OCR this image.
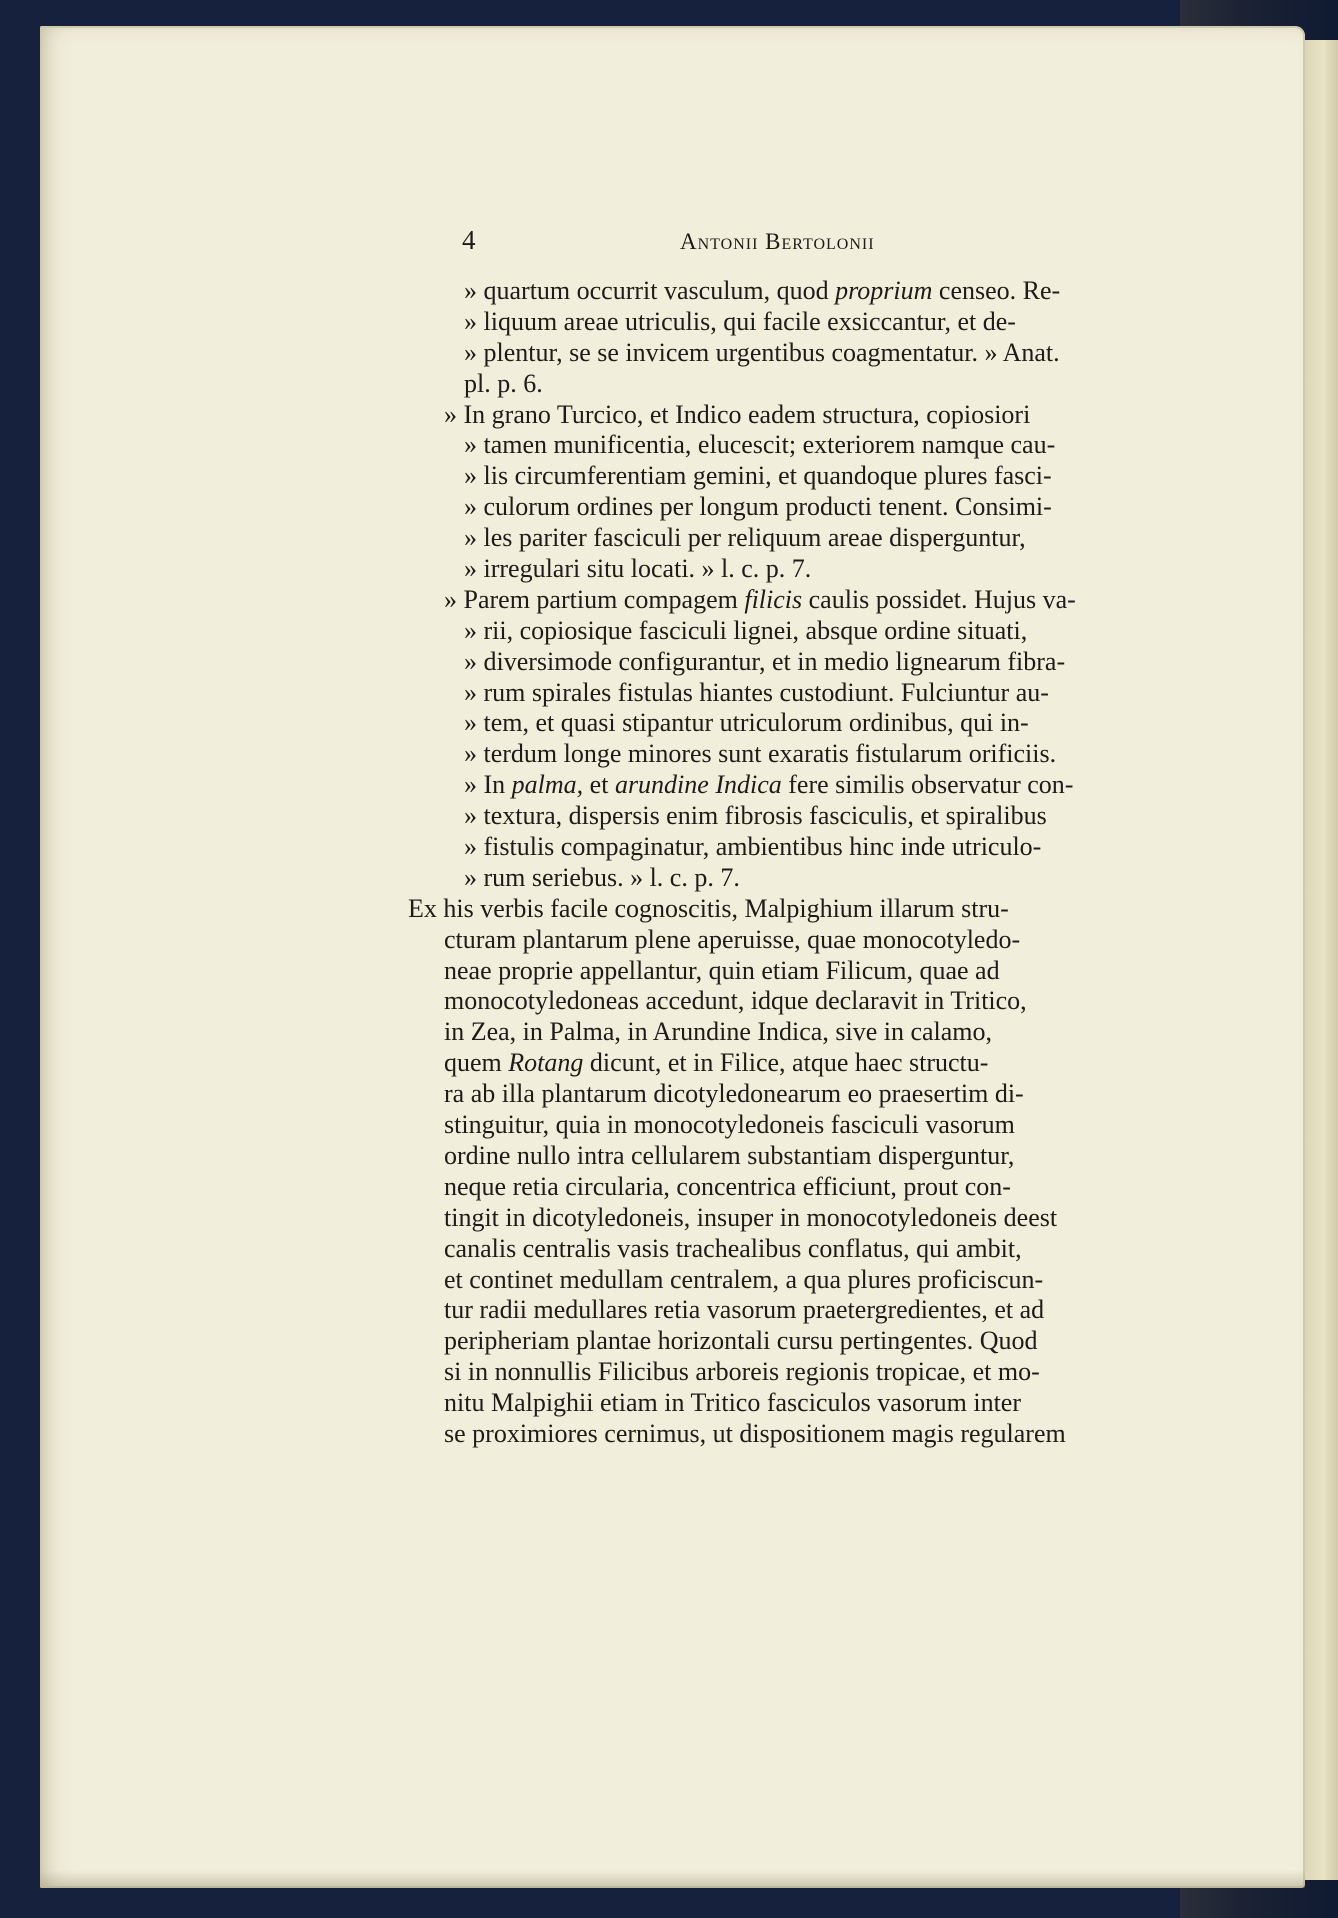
4	Antonii Bertolonii
» quartum occurrit vasculum, quod proprium censeo. Re-
» liquum areae utriculis, qui facile exsiccantur, et de-
» plentur, se se invicem urgentibus coagmentatur. » Anat.
pl. p. 6.
» In grano Turcico, et Indico eadem structura, copiosiori
» tamen munificentia, elucescit; exteriorem namque cau-
» lis circumferentiam gemini, et quandoque plures fasci-
» culorum ordines per longum producti tenent. Consimi-
» les pariter fasciculi per reliquum areae disperguntur,
» irregulari situ locati. » l. c. p. 7.
» Parem partium compagem filicis caulis possidet. Hujus va-
» rii, copiosique fasciculi lignei, absque ordine situati,
» diversimode configurantur, et in medio lignearum fibra-
» rum spirales fistulas hiantes custodiunt. Fulciuntur au-
» tem, et quasi stipantur utriculorum ordinibus, qui in-
» terdum longe minores sunt exaratis fistularum orificiis.
» In palma, et arundine Indica fere similis observatur con-
» textura, dispersis enim fibrosis fasciculis, et spiralibus
» fistulis compaginatur, ambientibus hinc inde utriculo-
» rum seriebus. » l. c. p. 7.
Ex his verbis facile cognoscitis, Malpighium illarum stru-
cturam plantarum plene aperuisse, quae monocotyledo-
neae proprie appellantur, quin etiam Filicum, quae ad
monocotyledoneas accedunt, idque declaravit in Tritico,
in Zea, in Palma, in Arundine Indica, sive in calamo,
quem Rotang dicunt, et in Filice, atque haec structu-
ra ab illa plantarum dicotyledonearum eo praesertim di-
stinguitur, quia in monocotyledoneis fasciculi vasorum
ordine nullo intra cellularem substantiam disperguntur,
neque retia circularia, concentrica efficiunt, prout con-
tingit in dicotyledoneis, insuper in monocotyledoneis deest
canalis centralis vasis trachealibus conflatus, qui ambit,
et continet medullam centralem, a qua plures proficiscun-
tur radii medullares retia vasorum praetergredientes, et ad
peripheriam plantae horizontali cursu pertingentes. Quod
si in nonnullis Filicibus arboreis regionis tropicae, et mo-
nitu Malpighii etiam in Tritico fasciculos vasorum inter
se proximiores cernimus, ut dispositionem magis regularem
